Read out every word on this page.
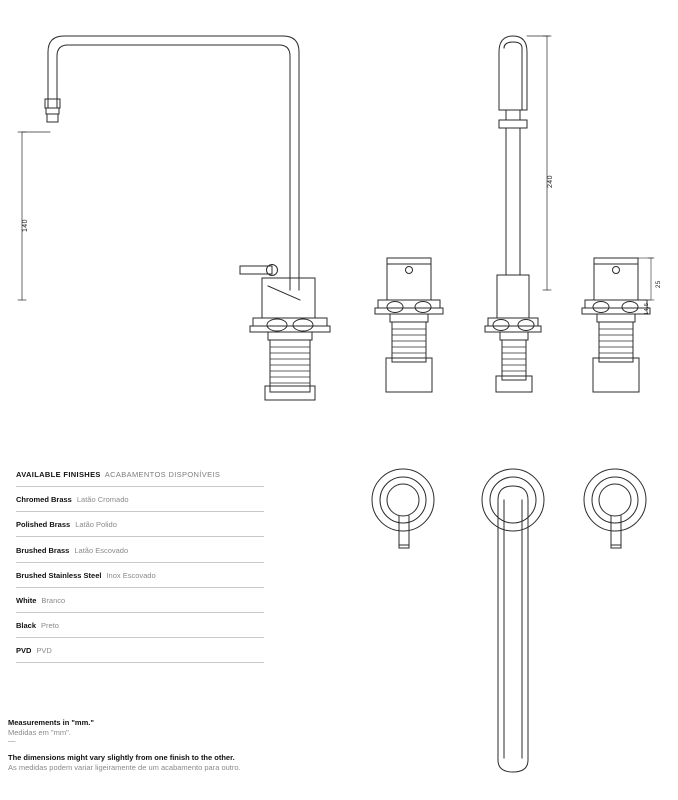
140
240
25
14,5
AVAILABLE FINISHES ACABAMENTOS DISPONÍVEIS
Chromed Brass Latão Cromado
Polished Brass Latão Polido
Brushed Brass Latão Escovado
Brushed Stainless Steel Inox Escovado
White Branco
Black Preto
PVD PVD
Measurements in "mm."
Medidas em "mm".
—
The dimensions might vary slightly from one finish to the other.
As medidas podem variar ligeiramente de um acabamento para outro.
